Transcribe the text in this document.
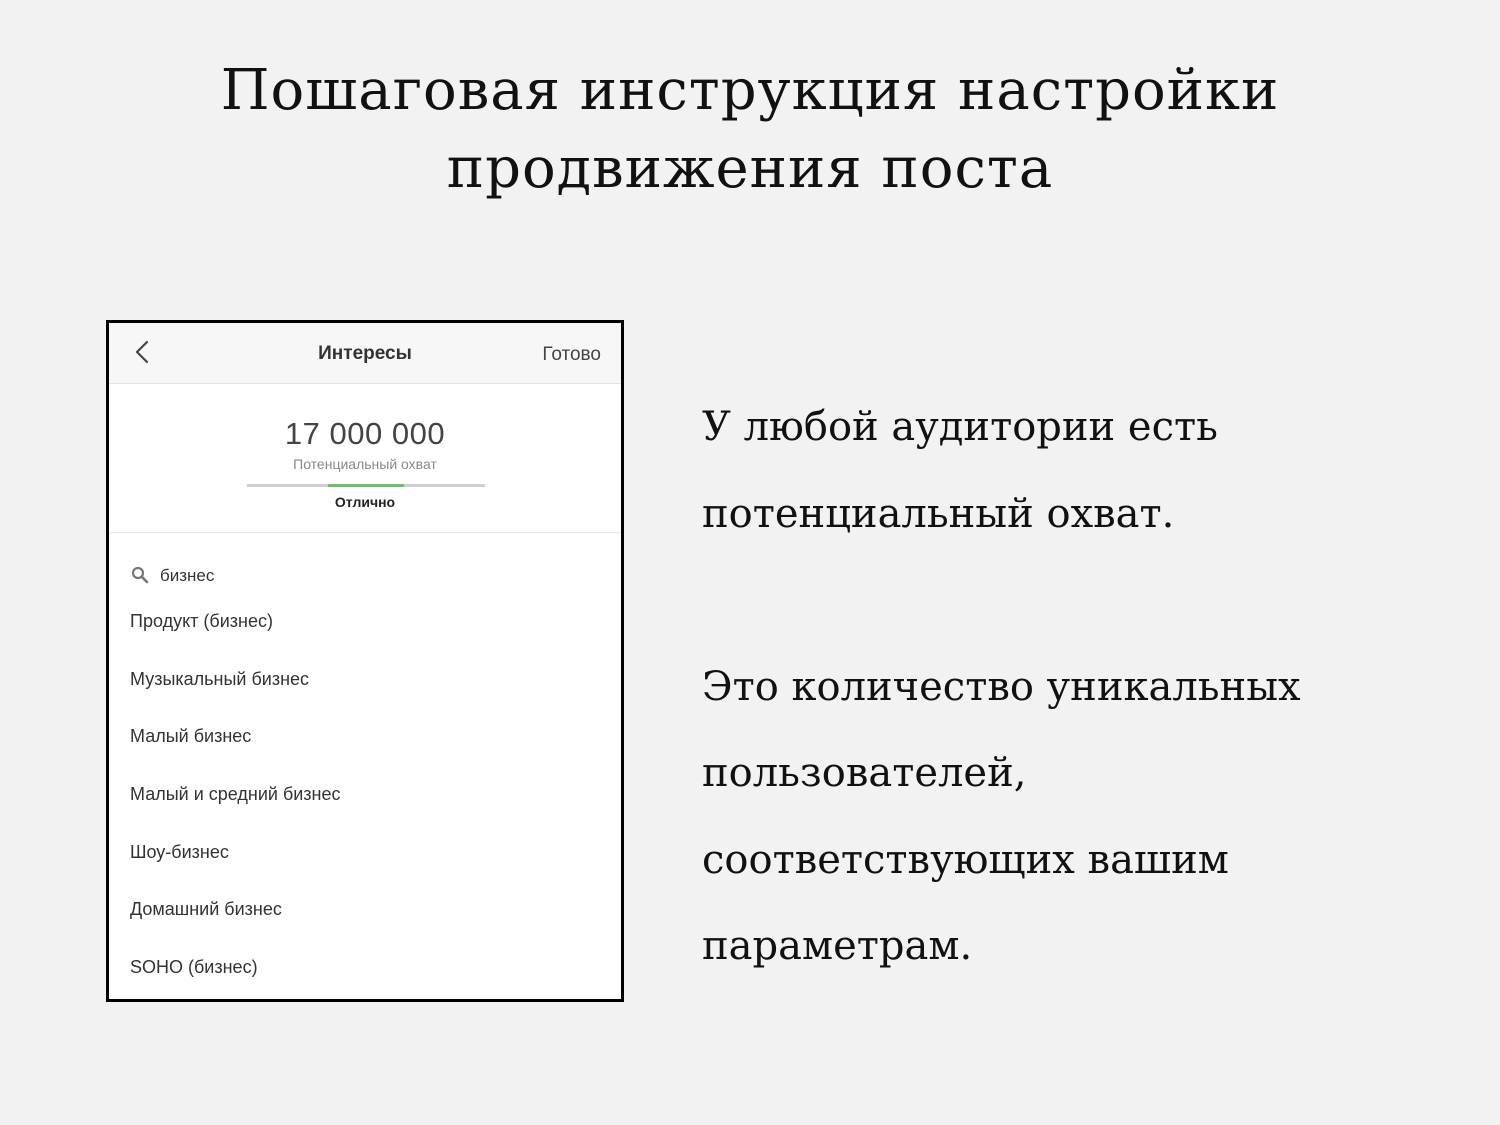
Пошаговая инструкция настройки
продвижения поста
Интересы	Готово
17 000 000
Потенциальный охват
Отлично
бизнес
Продукт (бизнес)
Музыкальный бизнес
Малый бизнес
Малый и средний бизнес
Шоу-бизнес
Домашний бизнес
SOHO (бизнес)

У любой аудитории есть
потенциальный охват.

Это количество уникальных
пользователей,
соответствующих вашим
параметрам.
